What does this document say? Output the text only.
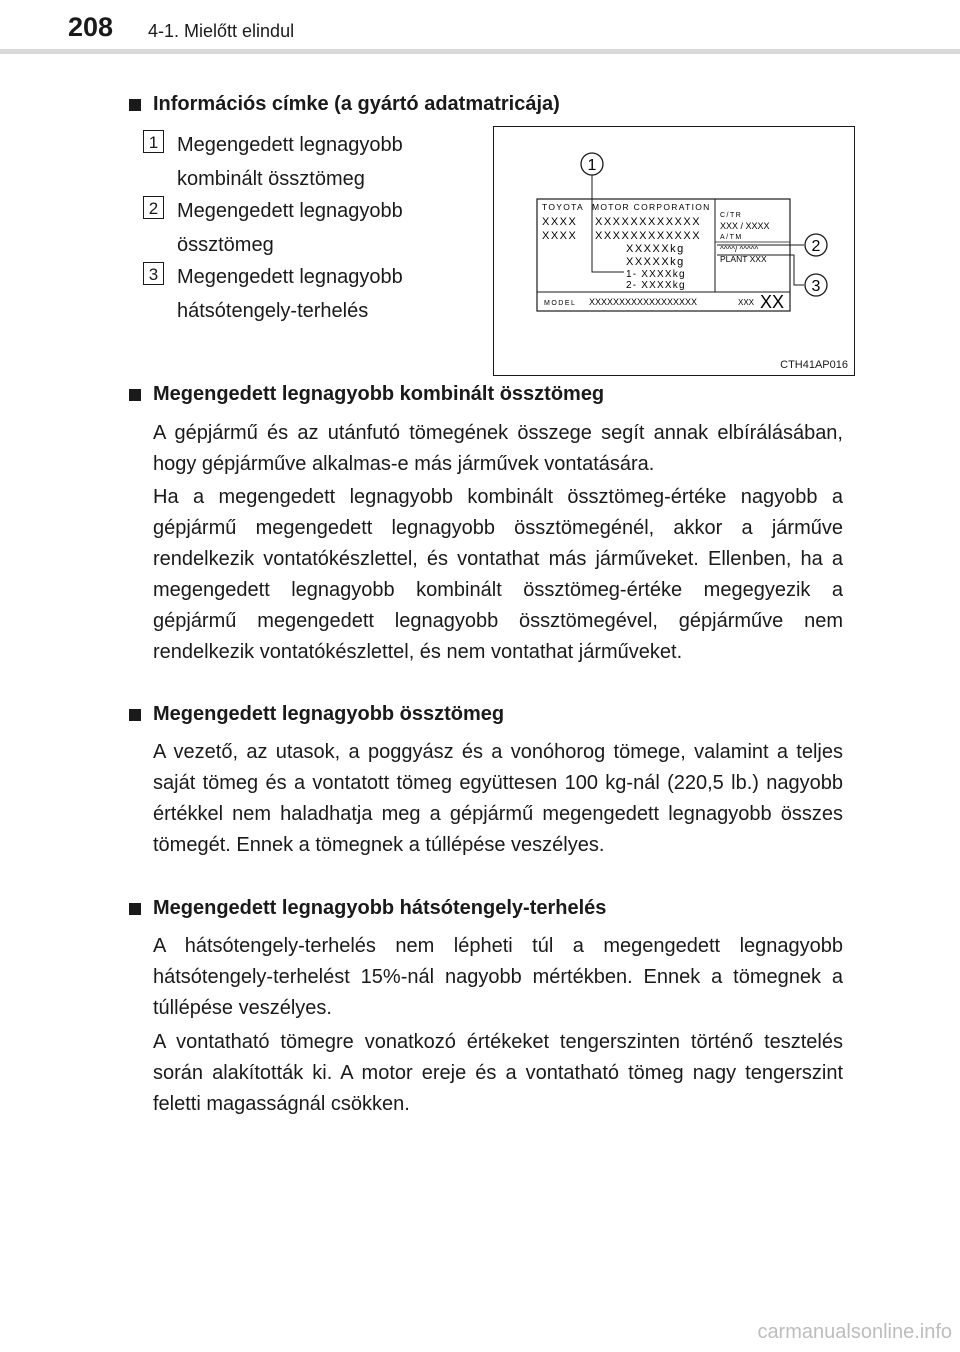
208 4-1. Mielőtt elindul
Információs címke (a gyártó adatmatricája)
1 Megengedett legnagyobb
kombinált össztömeg
2 Megengedett legnagyobb
össztömeg
3 Megengedett legnagyobb
hátsótengely-terhelés
TOYOTA MOTOR CORPORATION
XXXX XXXXXXXXXXXX
XXXX XXXXXXXXXXXX
XXXXXkg
XXXXXkg
1- XXXXkg
2- XXXXkg
C/TR
XXX / XXXX
A/TM
^^^^/ ^^^^^
PLANT XXX
MODEL XXXXXXXXXXXXXXXXXX	XXX XX
1
2
3
CTH41AP016
Megengedett legnagyobb kombinált össztömeg
A gépjármű és az utánfutó tömegének összege segít annak elbírálásában, hogy gépjárműve alkalmas-e más járművek vontatására.
Ha a megengedett legnagyobb kombinált össztömeg-értéke nagyobb a gépjármű megengedett legnagyobb össztömegénél, akkor a járműve rendelkezik vontatókészlettel, és vontathat más járműveket. Ellenben, ha a megengedett legnagyobb kombinált össztömeg-értéke megegyezik a gépjármű megengedett legnagyobb össztömegével, gépjárműve nem rendelkezik vontatókészlettel, és nem vontathat járműveket.
Megengedett legnagyobb össztömeg
A vezető, az utasok, a poggyász és a vonóhorog tömege, valamint a teljes saját tömeg és a vontatott tömeg együttesen 100 kg-nál (220,5 lb.) nagyobb értékkel nem haladhatja meg a gépjármű megengedett legnagyobb összes tömegét. Ennek a tömegnek a túllépése veszélyes.
Megengedett legnagyobb hátsótengely-terhelés
A hátsótengely-terhelés nem lépheti túl a megengedett legnagyobb hátsótengely-terhelést 15%-nál nagyobb mértékben. Ennek a tömegnek a túllépése veszélyes.
A vontatható tömegre vonatkozó értékeket tengerszinten történő tesztelés során alakították ki. A motor ereje és a vontatható tömeg nagy tengerszint feletti magasságnál csökken.
carmanualsonline.info
